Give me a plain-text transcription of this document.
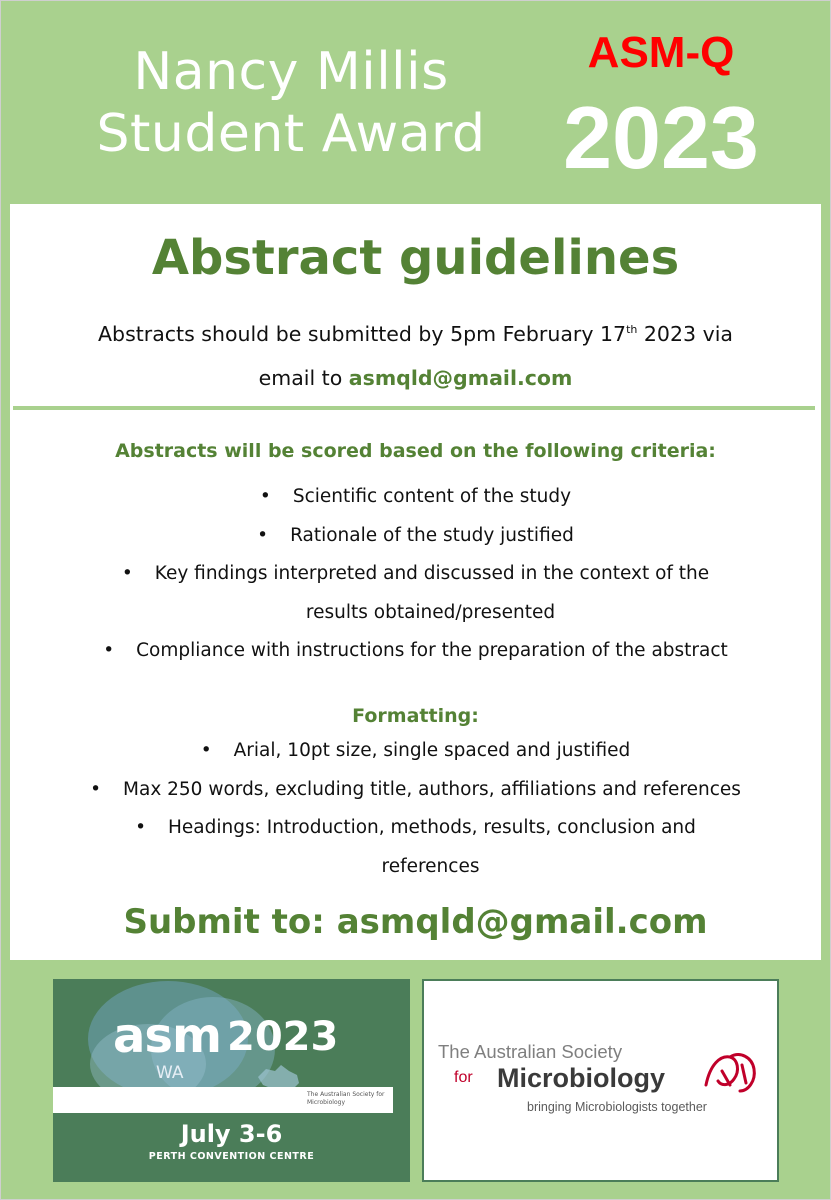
Nancy Millis
Student Award
ASM-Q
2023
Abstract guidelines
Abstracts should be submitted by 5pm February 17th 2023 via
email to asmqld@gmail.com
Abstracts will be scored based on the following criteria:
• Scientific content of the study
• Rationale of the study justified
• Key findings interpreted and discussed in the context of the
results obtained/presented
• Compliance with instructions for the preparation of the abstract
Formatting:
• Arial, 10pt size, single spaced and justified
• Max 250 words, excluding title, authors, affiliations and references
• Headings: Introduction, methods, results, conclusion and
references
Submit to: asmqld@gmail.com
asm 2023
WA
The Australian Society for Microbiology
July 3-6
PERTH CONVENTION CENTRE
The Australian Society
for Microbiology
bringing Microbiologists together
